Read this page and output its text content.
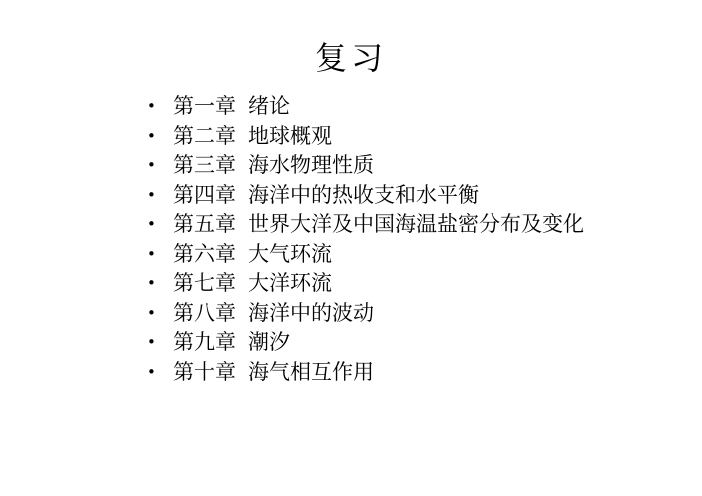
复习
• 第一章 绪论
• 第二章 地球概观
• 第三章 海水物理性质
• 第四章 海洋中的热收支和水平衡
• 第五章 世界大洋及中国海温盐密分布及变化
• 第六章 大气环流
• 第七章 大洋环流
• 第八章 海洋中的波动
• 第九章 潮汐
• 第十章 海气相互作用
